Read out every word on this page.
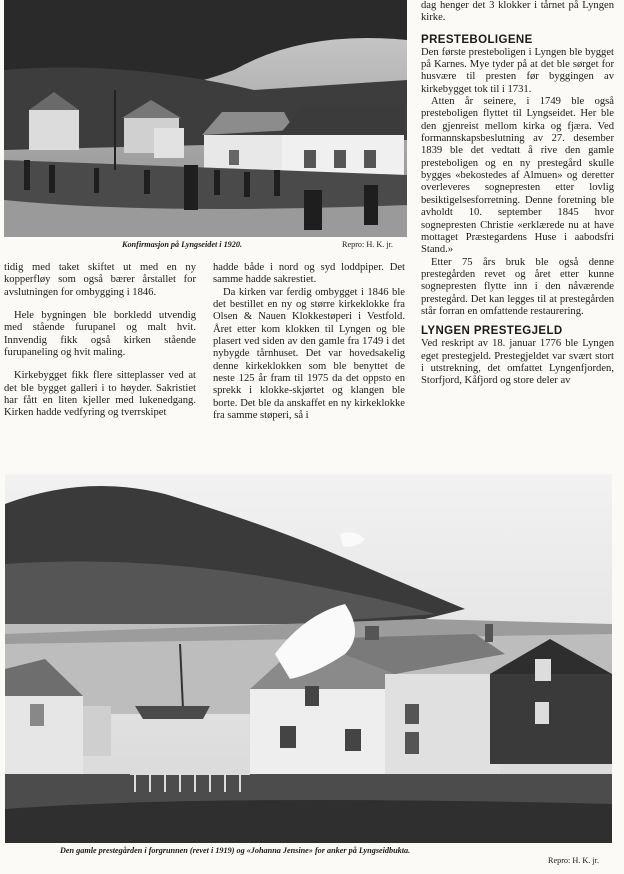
Konfirmasjon på Lyngseidet i 1920.	Repro: H. K. jr.

tidig med taket skiftet ut med en ny kopperfløy som også bærer årstallet for avslutningen for ombygging i 1846.

Hele bygningen ble borkledd utvendig med stående furupanel og malt hvit. Innvendig fikk også kirken stående furupaneling og hvit maling.

Kirkebygget fikk flere sitteplasser ved at det ble bygget galleri i to høyder. Sakristiet har fått en liten kjeller med lukenedgang. Kirken hadde vedfyring og tverrskipet

hadde både i nord og syd loddpiper. Det samme hadde sakrestiet.

Da kirken var ferdig ombygget i 1846 ble det bestillet en ny og større kirkeklokke fra Olsen & Nauen Klokkestøperi i Vestfold. Året etter kom klokken til Lyngen og ble plasert ved siden av den gamle fra 1749 i det nybygde tårnhuset. Det var hovedsakelig denne kirkeklokken som ble benyttet de neste 125 år fram til 1975 da det oppsto en sprekk i klokke-skjørtet og klangen ble borte. Det ble da anskaffet en ny kirkeklokke fra samme støperi, så i

dag henger det 3 klokker i tårnet på Lyngen kirke.

PRESTEBOLIGENE

Den første presteboligen i Lyngen ble bygget på Karnes. Mye tyder på at det ble sørget for husvære til presten før byggingen av kirkebygget tok til i 1731.

Atten år seinere, i 1749 ble også presteboligen flyttet til Lyngseidet. Her ble den gjenreist mellom kirka og fjæra. Ved formannskapsbeslutning av 27. desember 1839 ble det vedtatt å rive den gamle presteboligen og en ny prestegård skulle bygges «bekostedes af Almuen» og deretter overleveres sognepresten etter lovlig besiktigelsesforretning. Denne foretning ble avholdt 10. september 1845 hvor sognepresten Christie «erklærede nu at have mottaget Præstegardens Huse i aabodsfri Stand.»

Etter 75 års bruk ble også denne prestegården revet og året etter kunne sognepresten flytte inn i den nåværende prestegård. Det kan legges til at prestegården står forran en omfattende restaurering.

LYNGEN PRESTEGJELD

Ved reskript av 18. januar 1776 ble Lyngen eget prestegjeld. Prestegjeldet var svært stort i utstrekning, det omfattet Lyngenfjorden, Storfjord, Kåfjord og store deler av

Den gamle prestegården i forgrunnen (revet i 1919) og «Johanna Jensine» for anker på Lyngseidbukta.
Repro: H. K. jr.
